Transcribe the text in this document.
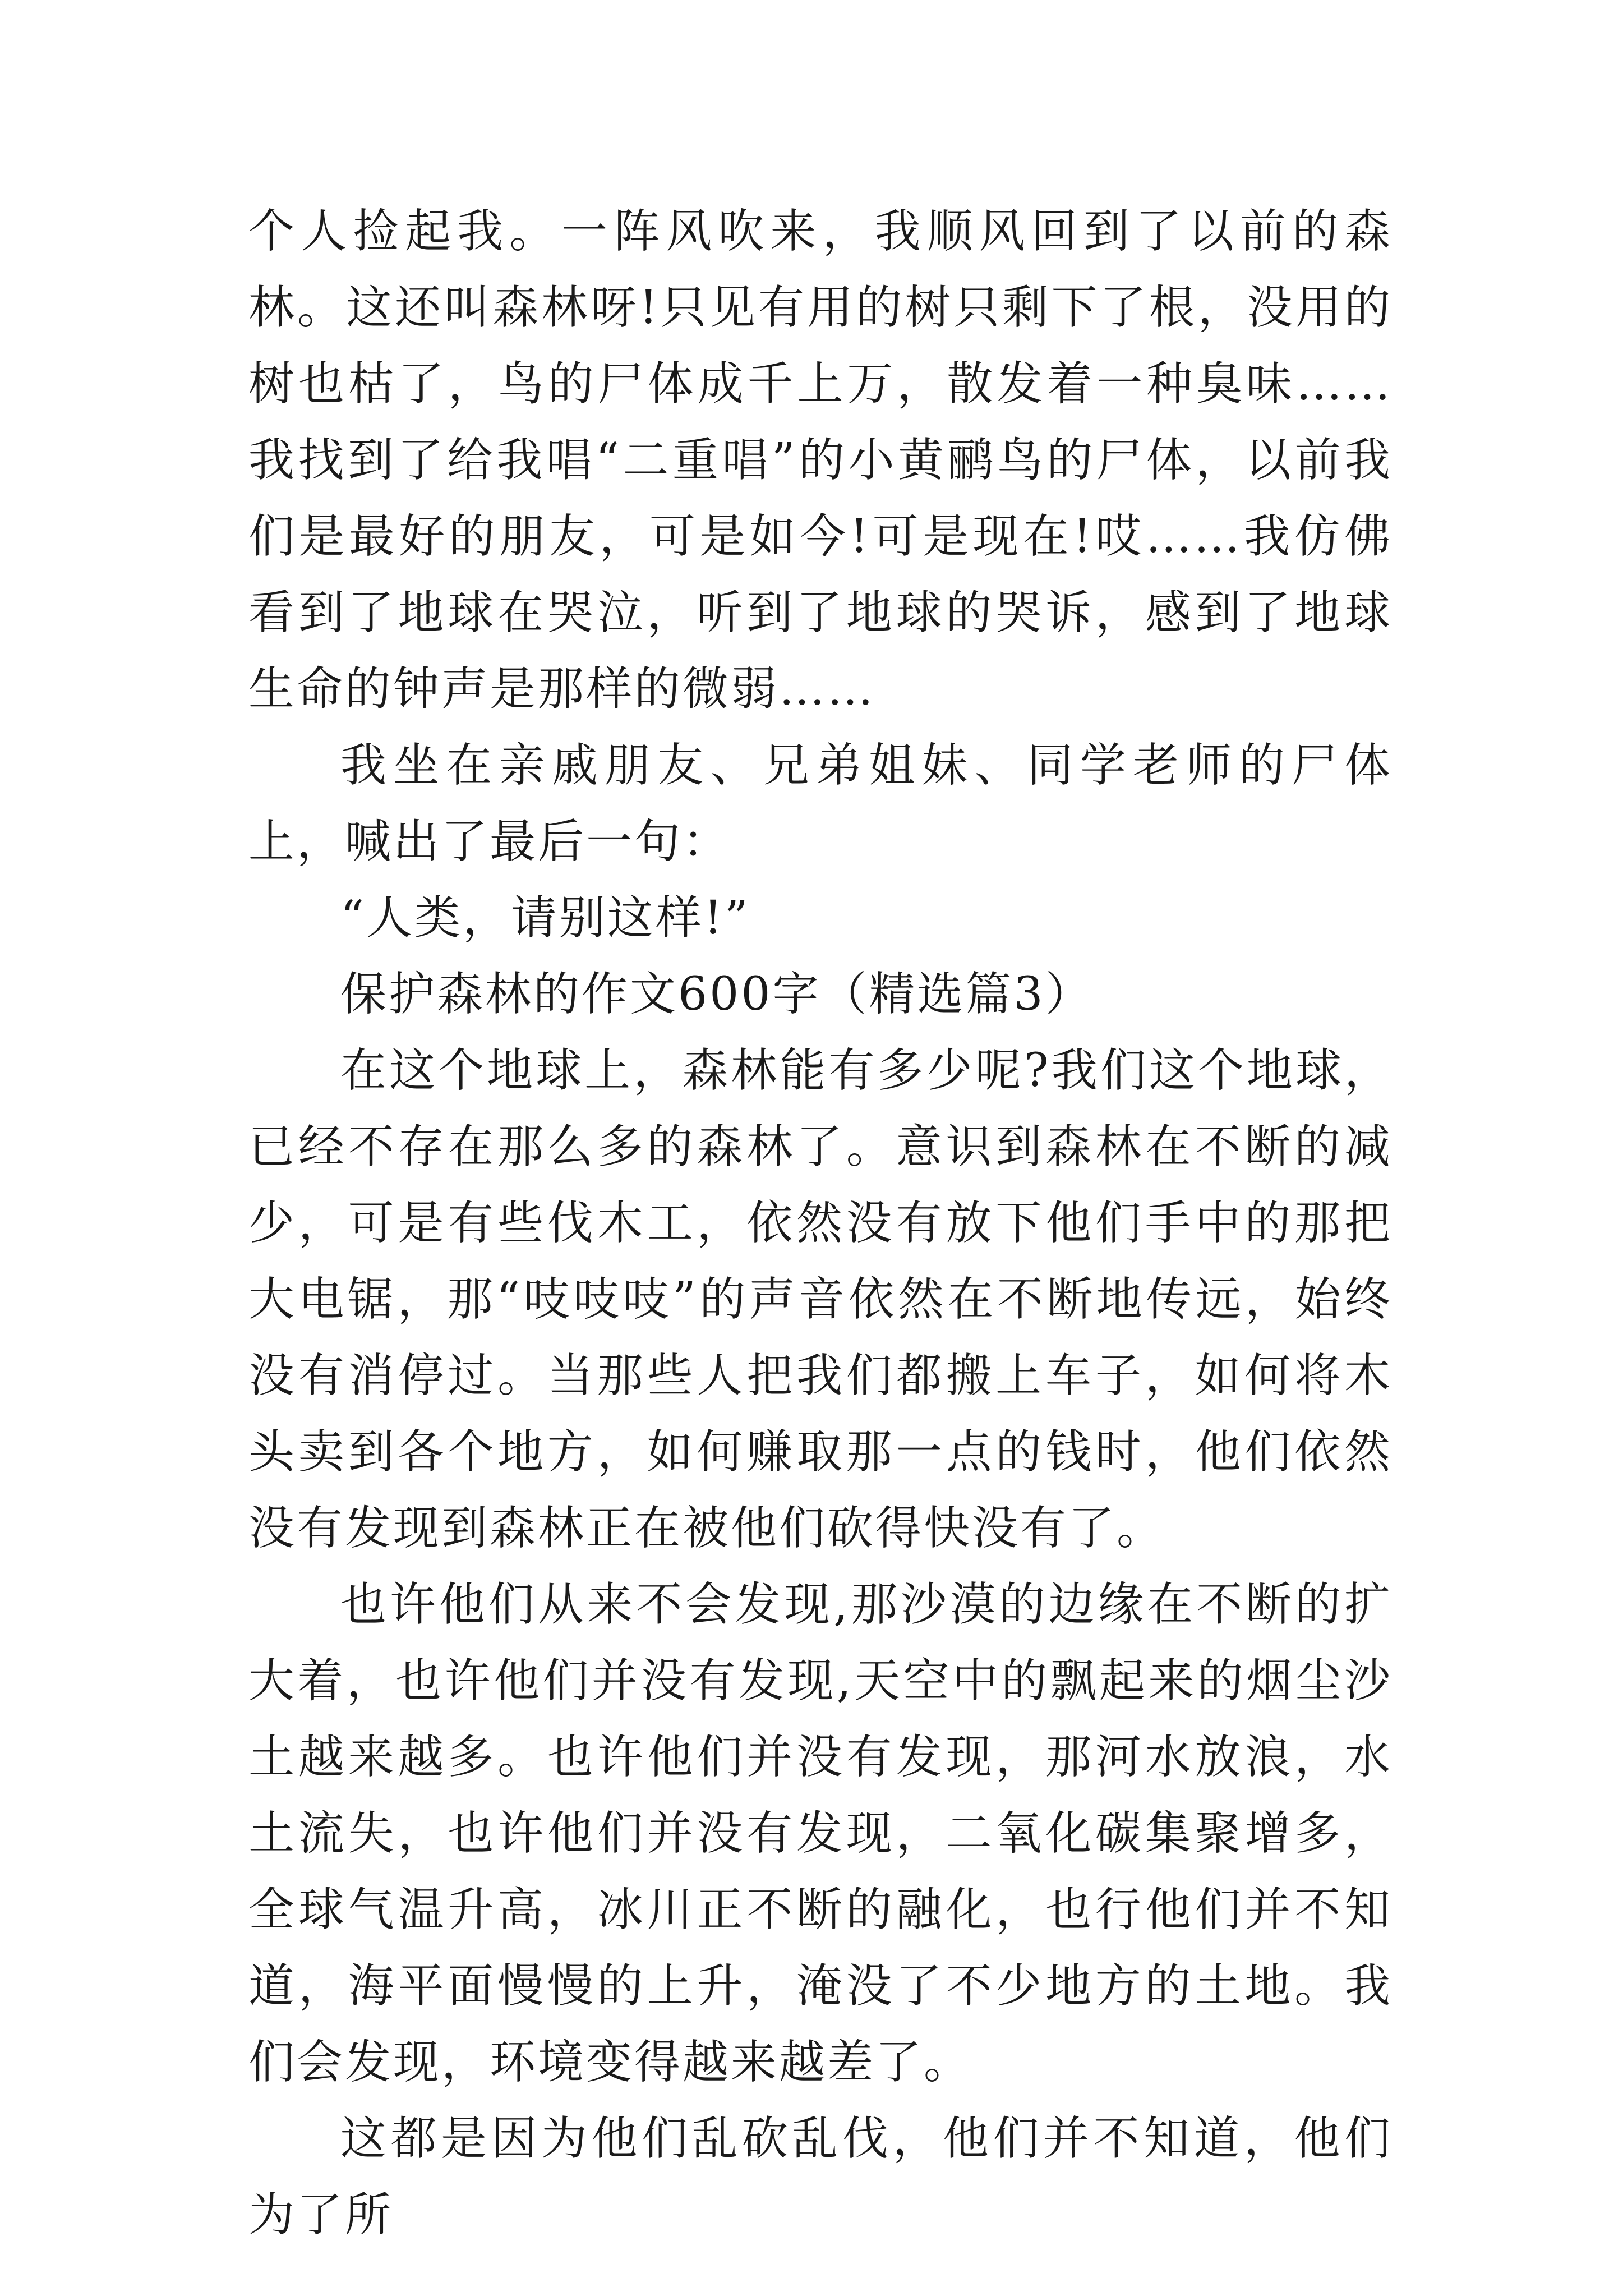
个人捡起我。一阵风吹来，我顺风回到了以前的森林。这还叫森林呀!只见有用的树只剩下了根，没用的树也枯了，鸟的尸体成千上万，散发着一种臭味……我找到了给我唱“二重唱”的小黄鹂鸟的尸体，以前我们是最好的朋友，可是如今!可是现在!哎……我仿佛看到了地球在哭泣，听到了地球的哭诉，感到了地球生命的钟声是那样的微弱……

我坐在亲戚朋友、兄弟姐妹、同学老师的尸体上，喊出了最后一句：

“人类，请别这样!”

保护森林的作文600字（精选篇3）

在这个地球上，森林能有多少呢?我们这个地球，已经不存在那么多的森林了。意识到森林在不断的减少，可是有些伐木工，依然没有放下他们手中的那把大电锯，那“吱吱吱”的声音依然在不断地传远，始终没有消停过。当那些人把我们都搬上车子，如何将木头卖到各个地方，如何赚取那一点的钱时，他们依然没有发现到森林正在被他们砍得快没有了。

也许他们从来不会发现,那沙漠的边缘在不断的扩大着，也许他们并没有发现,天空中的飘起来的烟尘沙土越来越多。也许他们并没有发现，那河水放浪，水土流失，也许他们并没有发现，二氧化碳集聚增多，全球气温升高，冰川正不断的融化，也行他们并不知道，海平面慢慢的上升，淹没了不少地方的土地。我们会发现，环境变得越来越差了。

这都是因为他们乱砍乱伐，他们并不知道，他们为了所
